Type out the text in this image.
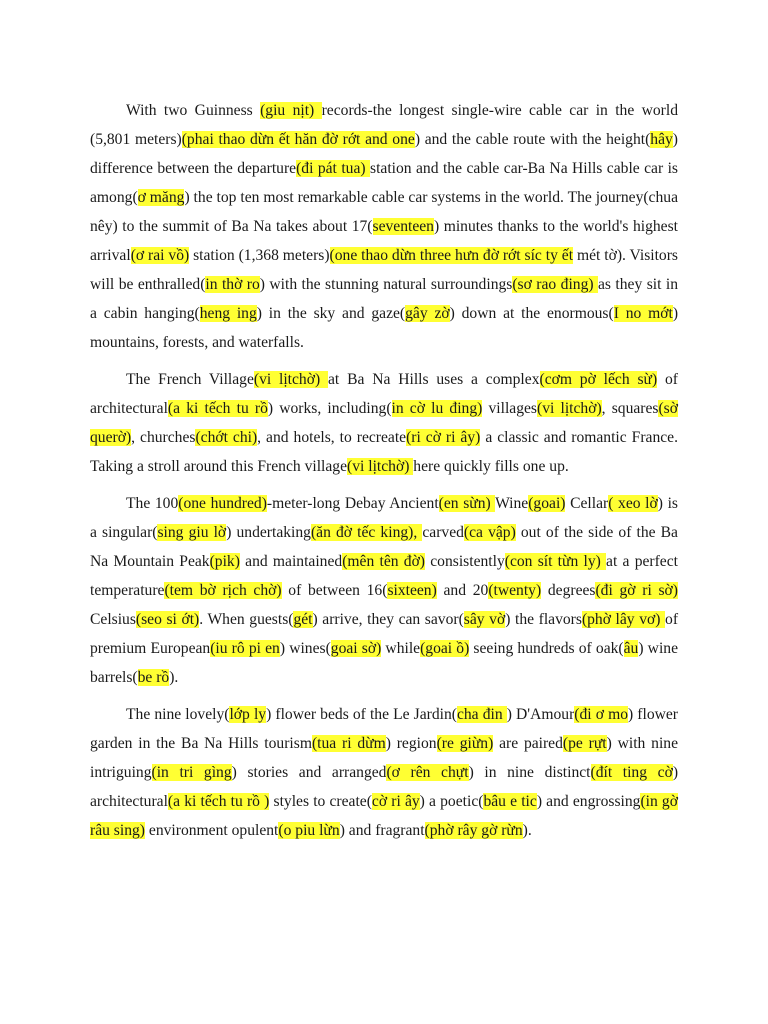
With two Guinness (giu nịt) records-the longest single-wire cable car in the world (5,801 meters)(phai thao dừn ết hăn đờ rớt and one) and the cable route with the height(hây) difference between the departure(đi pát tua) station and the cable car-Ba Na Hills cable car is among(ơ măng) the top ten most remarkable cable car systems in the world. The journey(chua nêy) to the summit of Ba Na takes about 17(seventeen) minutes thanks to the world's highest arrival(ơ rai vồ) station (1,368 meters)(one thao dừn three hưn đờ rớt síc ty ết mét tờ). Visitors will be enthralled(in thờ ro) with the stunning natural surroundings(sơ rao đing) as they sit in a cabin hanging(heng ing) in the sky and gaze(gây zờ) down at the enormous(I no mớt) mountains, forests, and waterfalls.

The French Village(vi lịtchờ) at Ba Na Hills uses a complex(cơm pờ lếch sừ) of architectural(a ki tếch tu rồ) works, including(in cờ lu đing) villages(vi lịtchờ), squares(sờ querờ), churches(chớt chi), and hotels, to recreate(ri cờ ri ây) a classic and romantic France. Taking a stroll around this French village(vi lịtchờ) here quickly fills one up.

The 100(one hundred)-meter-long Debay Ancient(en sừn) Wine(goai) Cellar( xeo lờ) is a singular(sing giu lờ) undertaking(ăn đờ tếc king), carved(ca vập) out of the side of the Ba Na Mountain Peak(pik) and maintained(mên tên đờ) consistently(con sít từn ly) at a perfect temperature(tem bờ rịch chờ) of between 16(sixteen) and 20(twenty) degrees(đi gờ ri sờ) Celsius(seo si ớt). When guests(gét) arrive, they can savor(sây vờ) the flavors(phờ lây vơ) of premium European(iu rô pi en) wines(goai sờ) while(goai ồ) seeing hundreds of oak(âu) wine barrels(be rồ).

The nine lovely(lớp ly) flower beds of the Le Jardin(cha đin ) D'Amour(đi ơ mo) flower garden in the Ba Na Hills tourism(tua ri dừm) region(re giừn) are paired(pe rựt) with nine intriguing(in tri gìng) stories and arranged(ơ rên chựt) in nine distinct(đít ting cờ) architectural(a ki tếch tu rồ ) styles to create(cờ ri ây) a poetic(bâu e tic) and engrossing(in gờ râu sing) environment opulent(o piu lừn) and fragrant(phờ rây gờ rừn).
